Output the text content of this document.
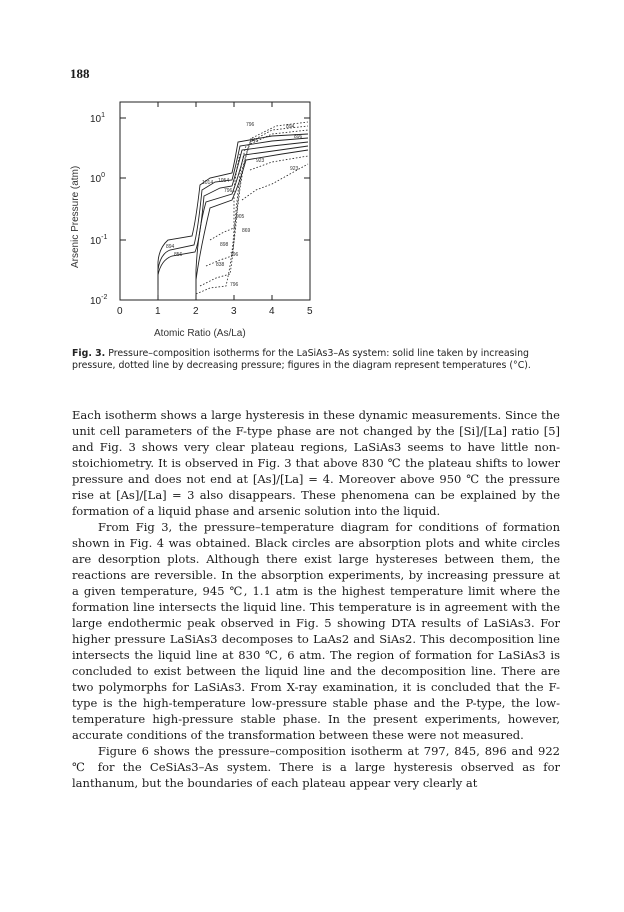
188
$10^1$
$10^0$
$10^{-1}$
$10^{-2}$
0	1	2	3	4	5
Atomic Ratio (As/La)
Arsenic Pressure (atm)
796	894
896
845
923
1014 1054
796
923
905
869
894
856	796
796
838
898
Fig. 3. Pressure–composition isotherms for the LaSiAs3–As system: solid line taken by increasing pressure, dotted line by decreasing pressure; figures in the diagram represent temperatures (°C).

Each isotherm shows a large hysteresis in these dynamic measurements. Since the unit cell parameters of the F-type phase are not changed by the [Si]/[La] ratio [5] and Fig. 3 shows very clear plateau regions, LaSiAs3 seems to have little non-stoichiometry. It is observed in Fig. 3 that above 830 ℃ the plateau shifts to lower pressure and does not end at [As]/[La] = 4. Moreover above 950 ℃ the pressure rise at [As]/[La] = 3 also disappears. These phenomena can be explained by the formation of a liquid phase and arsenic solution into the liquid.

From Fig 3, the pressure–temperature diagram for conditions of formation shown in Fig. 4 was obtained. Black circles are absorption plots and white circles are desorption plots. Although there exist large hystereses between them, the reactions are reversible. In the absorption experiments, by increasing pressure at a given temperature, 945 ℃, 1.1 atm is the highest temperature limit where the formation line intersects the liquid line. This temperature is in agreement with the large endothermic peak observed in Fig. 5 showing DTA results of LaSiAs3. For higher pressure LaSiAs3 decomposes to LaAs2 and SiAs2. This decomposition line intersects the liquid line at 830 ℃, 6 atm. The region of formation for LaSiAs3 is concluded to exist between the liquid line and the decomposition line. There are two polymorphs for LaSiAs3. From X-ray examination, it is concluded that the F-type is the high-temperature low-pressure stable phase and the P-type, the low-temperature high-pressure stable phase. In the present experiments, however, accurate conditions of the transformation between these were not measured.

Figure 6 shows the pressure–composition isotherm at 797, 845, 896 and 922 ℃ for the CeSiAs3–As system. There is a large hysteresis observed as for lanthanum, but the boundaries of each plateau appear very clearly at
